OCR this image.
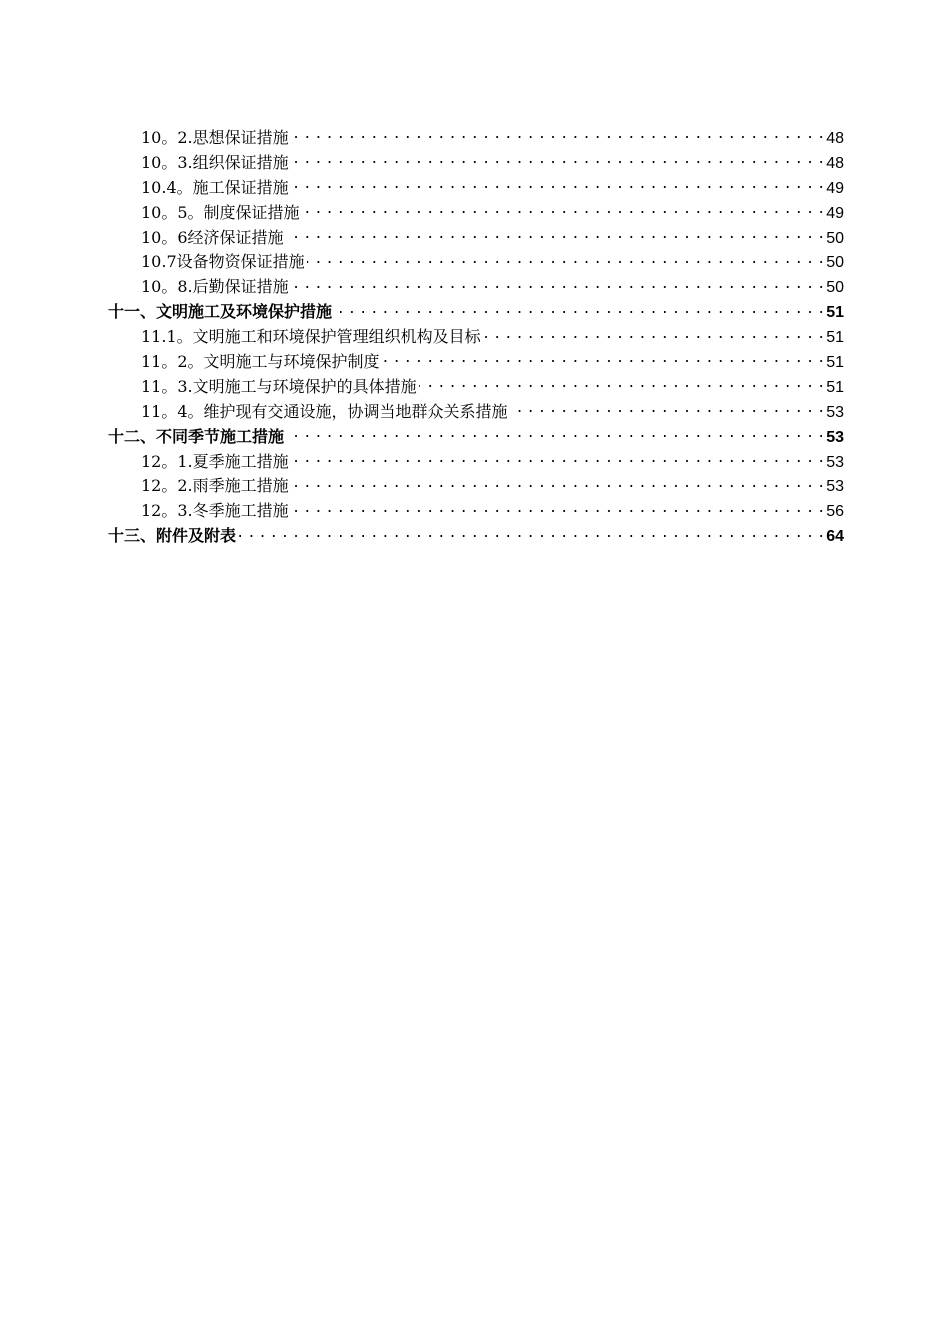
10。2.思想保证措施 . . .	48
10。3.组织保证措施 . . .	48
10.4。施工保证措施 . . .	49
10。5。制度保证措施 . . .	49
10。6经济保证措施 . . .	50
10.7设备物资保证措施 . . .	50
10。8.后勤保证措施 . . .	50
十一、文明施工及环境保护措施 . . .	51
11.1。文明施工和环境保护管理组织机构及目标 . . .	51
11。2。文明施工与环境保护制度 . . .	51
11。3.文明施工与环境保护的具体措施 . . .	51
11。4。维护现有交通设施，协调当地群众关系措施 . . .	53
十二、不同季节施工措施 . . .	53
12。1.夏季施工措施 . . .	53
12。2.雨季施工措施 . . .	53
12。3.冬季施工措施 . . .	56
十三、附件及附表 . . .	64
